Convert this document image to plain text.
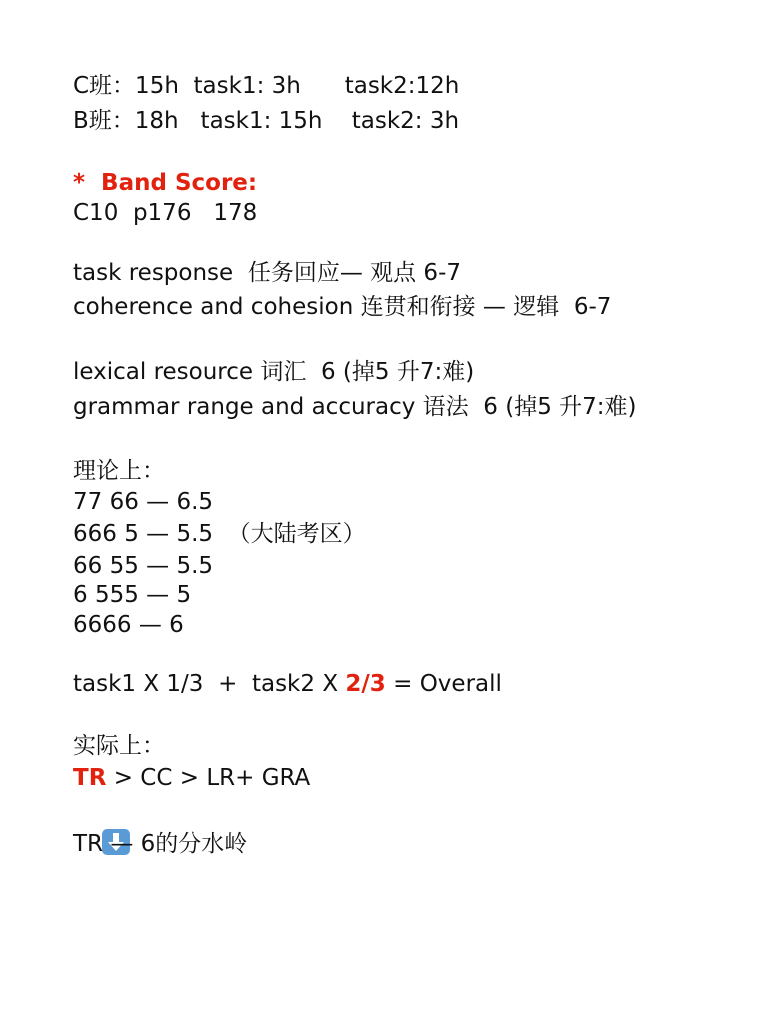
C班：15h  task1: 3h      task2:12h
B班：18h   task1: 15h    task2: 3h
*  Band Score:
C10  p176   178
task response  任务回应— 观点 6-7
coherence and cohesion 连贯和衔接 — 逻辑  6-7
lexical resource 词汇  6 (掉5 升7:难)
grammar range and accuracy 语法  6 (掉5 升7:难)
理论上：
77 66 — 6.5
666 5 — 5.5  （大陆考区）
66 55 — 5.5
6 555 — 5
6666 — 6
task1 X 1/3  +  task2 X 2/3 = Overall
实际上：
TR > CC > LR+ GRA

TR — 6的分水岭
